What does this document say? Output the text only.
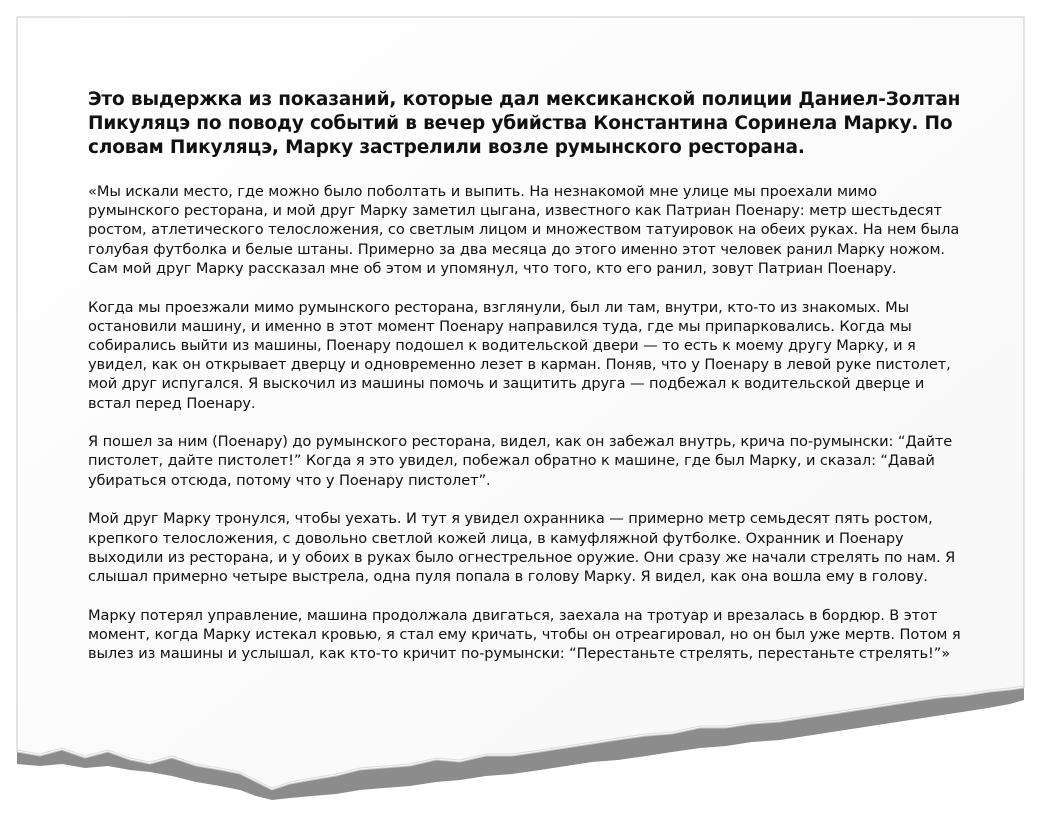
Это выдержка из показаний, которые дал мексиканской полиции Даниел-Золтан Пикуляцэ по поводу событий в вечер убийства Константина Соринела Марку. По словам Пикуляцэ, Марку застрелили возле румынского ресторана.

«Мы искали место, где можно было поболтать и выпить. На незнакомой мне улице мы проехали мимо румынского ресторана, и мой друг Марку заметил цыгана, известного как Патриан Поенару: метр шестьдесят ростом, атлетического телосложения, со светлым лицом и множеством татуировок на обеих руках. На нем была голубая футболка и белые штаны. Примерно за два месяца до этого именно этот человек ранил Марку ножом. Сам мой друг Марку рассказал мне об этом и упомянул, что того, кто его ранил, зовут Патриан Поенару.

Когда мы проезжали мимо румынского ресторана, взглянули, был ли там, внутри, кто-то из знакомых. Мы остановили машину, и именно в этот момент Поенару направился туда, где мы припарковались. Когда мы собирались выйти из машины, Поенару подошел к водительской двери — то есть к моему другу Марку, и я увидел, как он открывает дверцу и одновременно лезет в карман. Поняв, что у Поенару в левой руке пистолет, мой друг испугался. Я выскочил из машины помочь и защитить друга — подбежал к водительской дверце и встал перед Поенару.

Я пошел за ним (Поенару) до румынского ресторана, видел, как он забежал внутрь, крича по-румынски: “Дайте пистолет, дайте пистолет!” Когда я это увидел, побежал обратно к машине, где был Марку, и сказал: “Давай убираться отсюда, потому что у Поенару пистолет”.

Мой друг Марку тронулся, чтобы уехать. И тут я увидел охранника — примерно метр семьдесят пять ростом, крепкого телосложения, с довольно светлой кожей лица, в камуфляжной футболке. Охранник и Поенару выходили из ресторана, и у обоих в руках было огнестрельное оружие. Они сразу же начали стрелять по нам. Я слышал примерно четыре выстрела, одна пуля попала в голову Марку. Я видел, как она вошла ему в голову.

Марку потерял управление, машина продолжала двигаться, заехала на тротуар и врезалась в бордюр. В этот момент, когда Марку истекал кровью, я стал ему кричать, чтобы он отреагировал, но он был уже мертв. Потом я вылез из машины и услышал, как кто-то кричит по-румынски: “Перестаньте стрелять, перестаньте стрелять!”»
